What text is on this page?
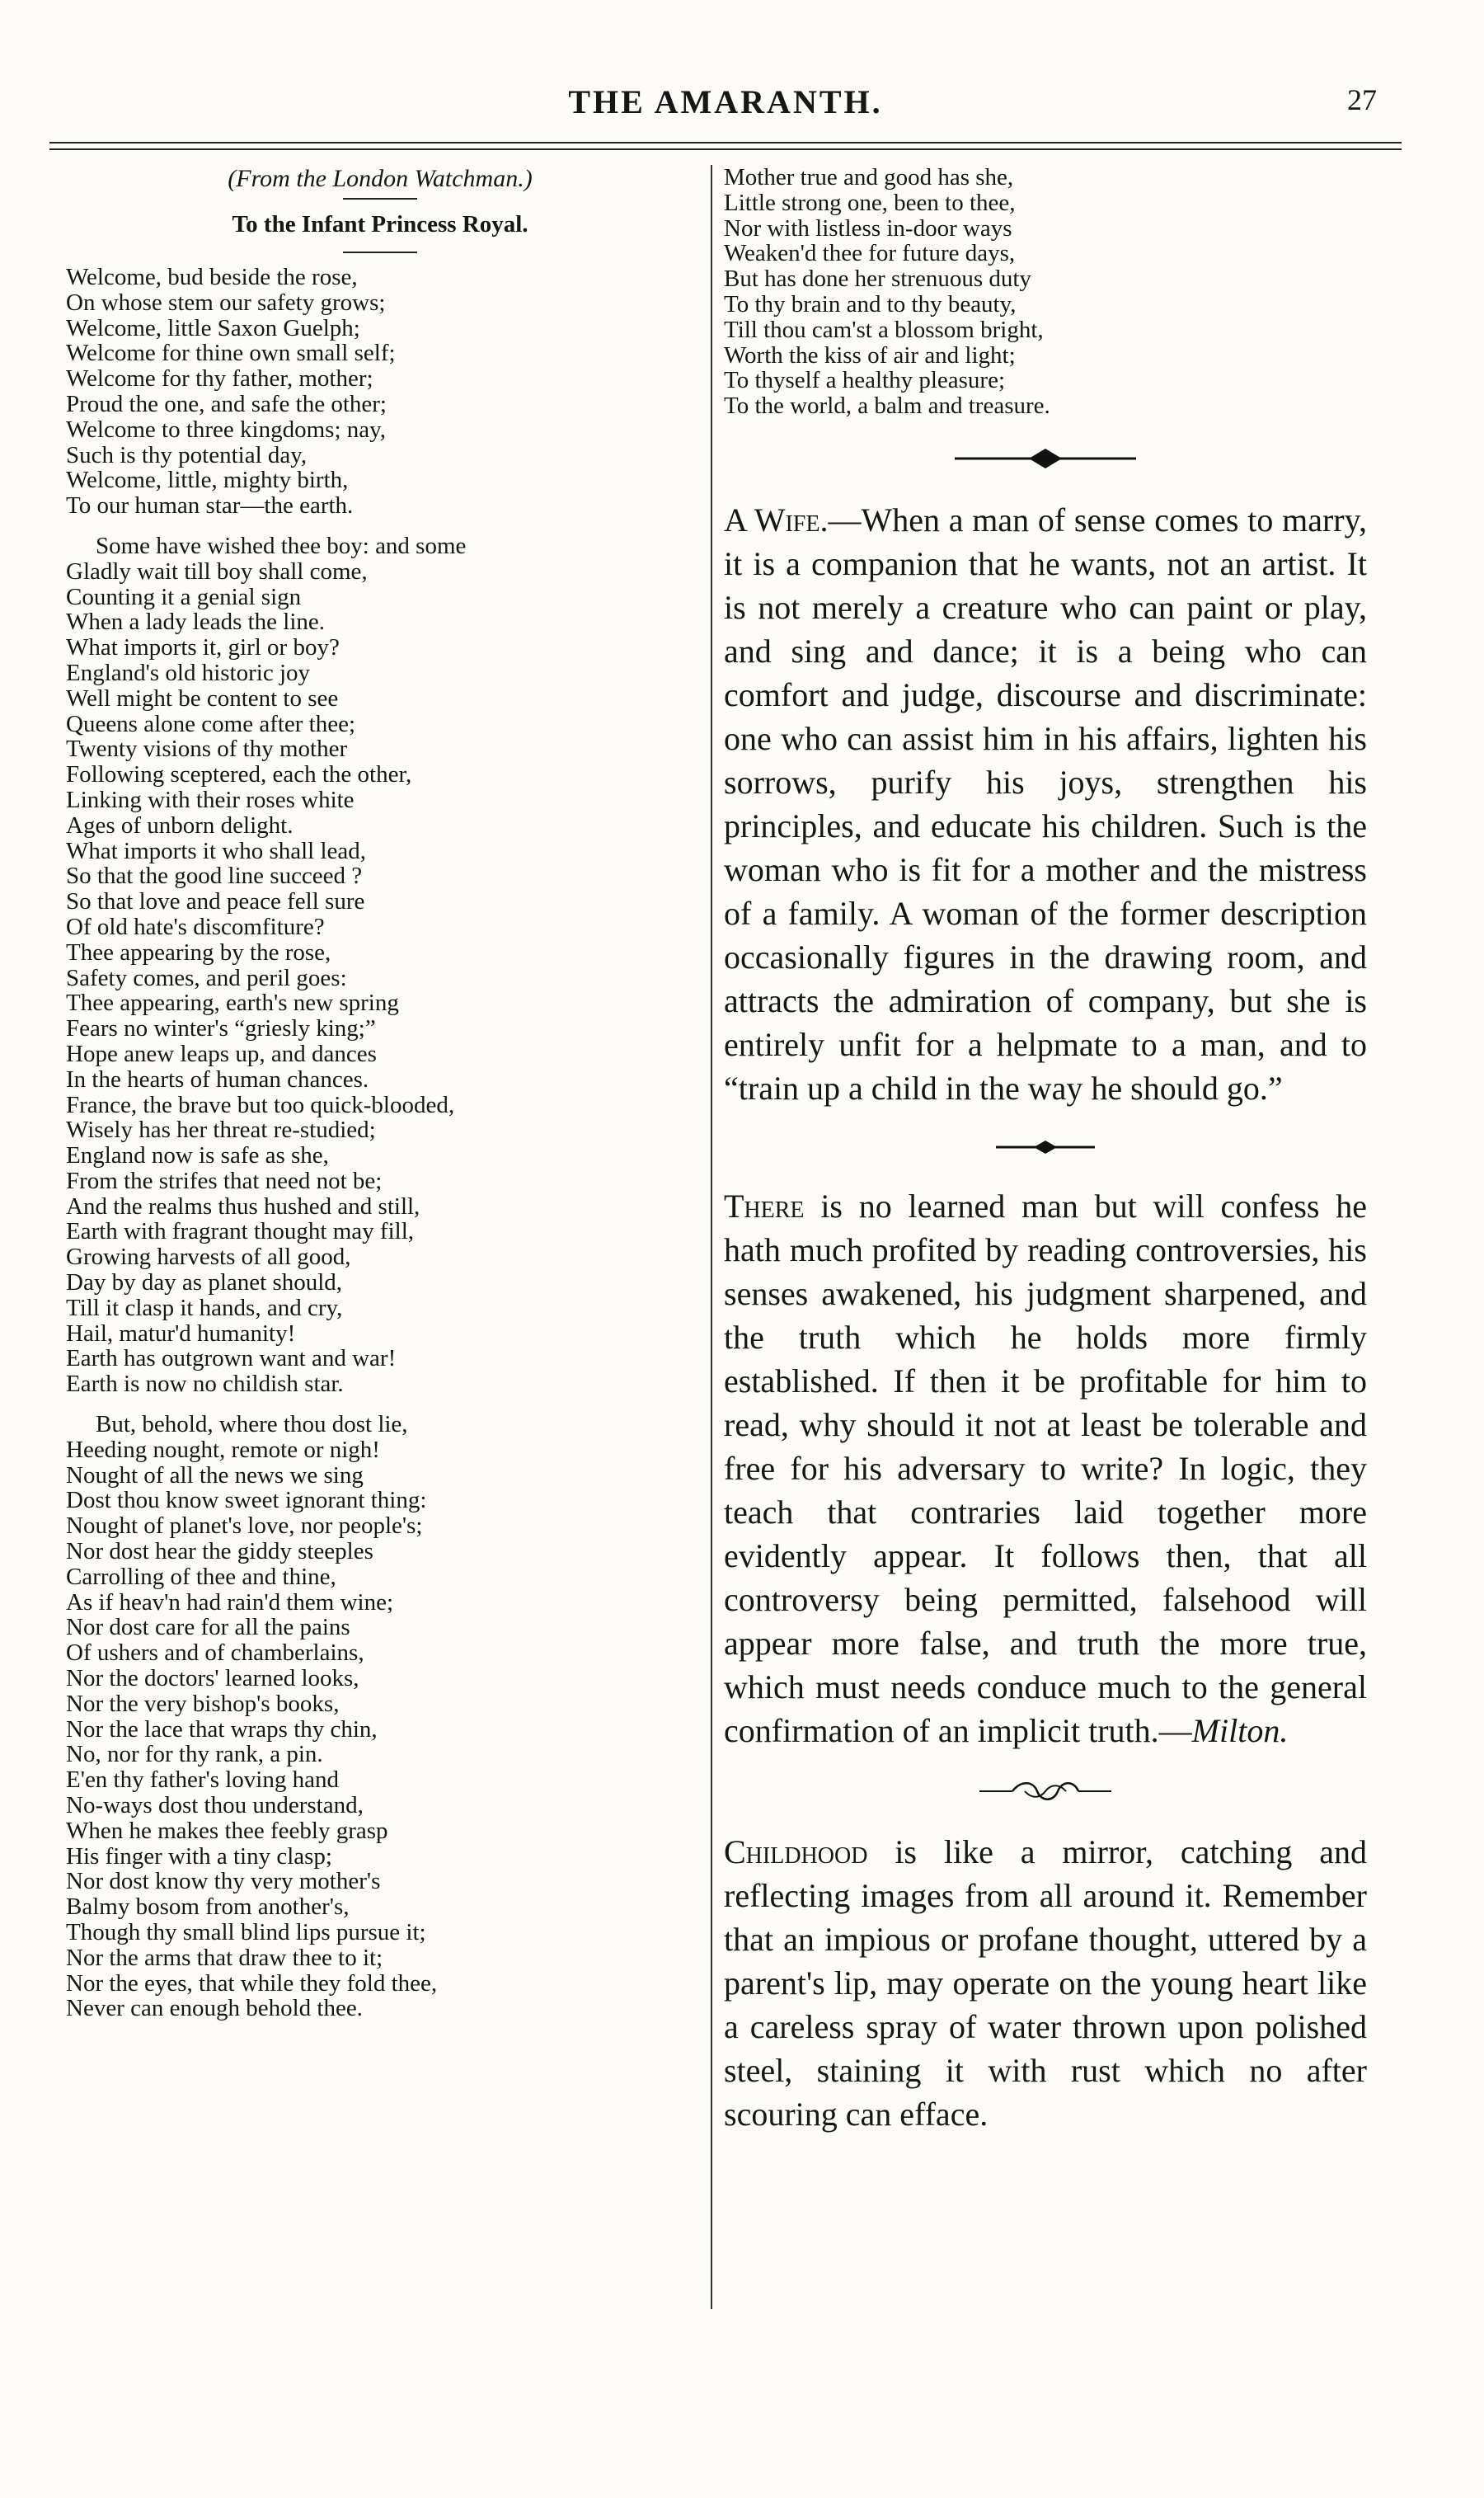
THE AMARANTH.	27
(From the London Watchman.)
To the Infant Princess Royal.
Welcome, bud beside the rose,
On whose stem our safety grows;
Welcome, little Saxon Guelph;
Welcome for thine own small self;
Welcome for thy father, mother;
Proud the one, and safe the other;
Welcome to three kingdoms; nay,
Such is thy potential day,
Welcome, little, mighty birth,
To our human star—the earth.
Some have wished thee boy: and some
Gladly wait till boy shall come,
Counting it a genial sign
When a lady leads the line.
What imports it, girl or boy?
England's old historic joy
Well might be content to see
Queens alone come after thee;
Twenty visions of thy mother
Following sceptered, each the other,
Linking with their roses white
Ages of unborn delight.
What imports it who shall lead,
So that the good line succeed ?
So that love and peace fell sure
Of old hate's discomfiture?
Thee appearing by the rose,
Safety comes, and peril goes:
Thee appearing, earth's new spring
Fears no winter's “griesly king;”
Hope anew leaps up, and dances
In the hearts of human chances.
France, the brave but too quick-blooded,
Wisely has her threat re-studied;
England now is safe as she,
From the strifes that need not be;
And the realms thus hushed and still,
Earth with fragrant thought may fill,
Growing harvests of all good,
Day by day as planet should,
Till it clasp it hands, and cry,
Hail, matur'd humanity!
Earth has outgrown want and war!
Earth is now no childish star.
But, behold, where thou dost lie,
Heeding nought, remote or nigh!
Nought of all the news we sing
Dost thou know sweet ignorant thing:
Nought of planet's love, nor people's;
Nor dost hear the giddy steeples
Carrolling of thee and thine,
As if heav'n had rain'd them wine;
Nor dost care for all the pains
Of ushers and of chamberlains,
Nor the doctors' learned looks,
Nor the very bishop's books,
Nor the lace that wraps thy chin,
No, nor for thy rank, a pin.
E'en thy father's loving hand
No-ways dost thou understand,
When he makes thee feebly grasp
His finger with a tiny clasp;
Nor dost know thy very mother's
Balmy bosom from another's,
Though thy small blind lips pursue it;
Nor the arms that draw thee to it;
Nor the eyes, that while they fold thee,
Never can enough behold thee.
Mother true and good has she,
Little strong one, been to thee,
Nor with listless in-door ways
Weaken'd thee for future days,
But has done her strenuous duty
To thy brain and to thy beauty,
Till thou cam'st a blossom bright,
Worth the kiss of air and light;
To thyself a healthy pleasure;
To the world, a balm and treasure.

A Wife.—When a man of sense comes to marry, it is a companion that he wants, not an artist. It is not merely a creature who can paint or play, and sing and dance; it is a being who can comfort and judge, discourse and discriminate: one who can assist him in his affairs, lighten his sorrows, purify his joys, strengthen his principles, and educate his children. Such is the woman who is fit for a mother and the mistress of a family. A woman of the former description occasionally figures in the drawing room, and attracts the admiration of company, but she is entirely unfit for a helpmate to a man, and to “train up a child in the way he should go.”

There is no learned man but will confess he hath much profited by reading controversies, his senses awakened, his judgment sharpened, and the truth which he holds more firmly established. If then it be profitable for him to read, why should it not at least be tolerable and free for his adversary to write? In logic, they teach that contraries laid together more evidently appear. It follows then, that all controversy being permitted, falsehood will appear more false, and truth the more true, which must needs conduce much to the general confirmation of an implicit truth.—Milton.

Childhood is like a mirror, catching and reflecting images from all around it. Remember that an impious or profane thought, uttered by a parent's lip, may operate on the young heart like a careless spray of water thrown upon polished steel, staining it with rust which no after scouring can efface.
